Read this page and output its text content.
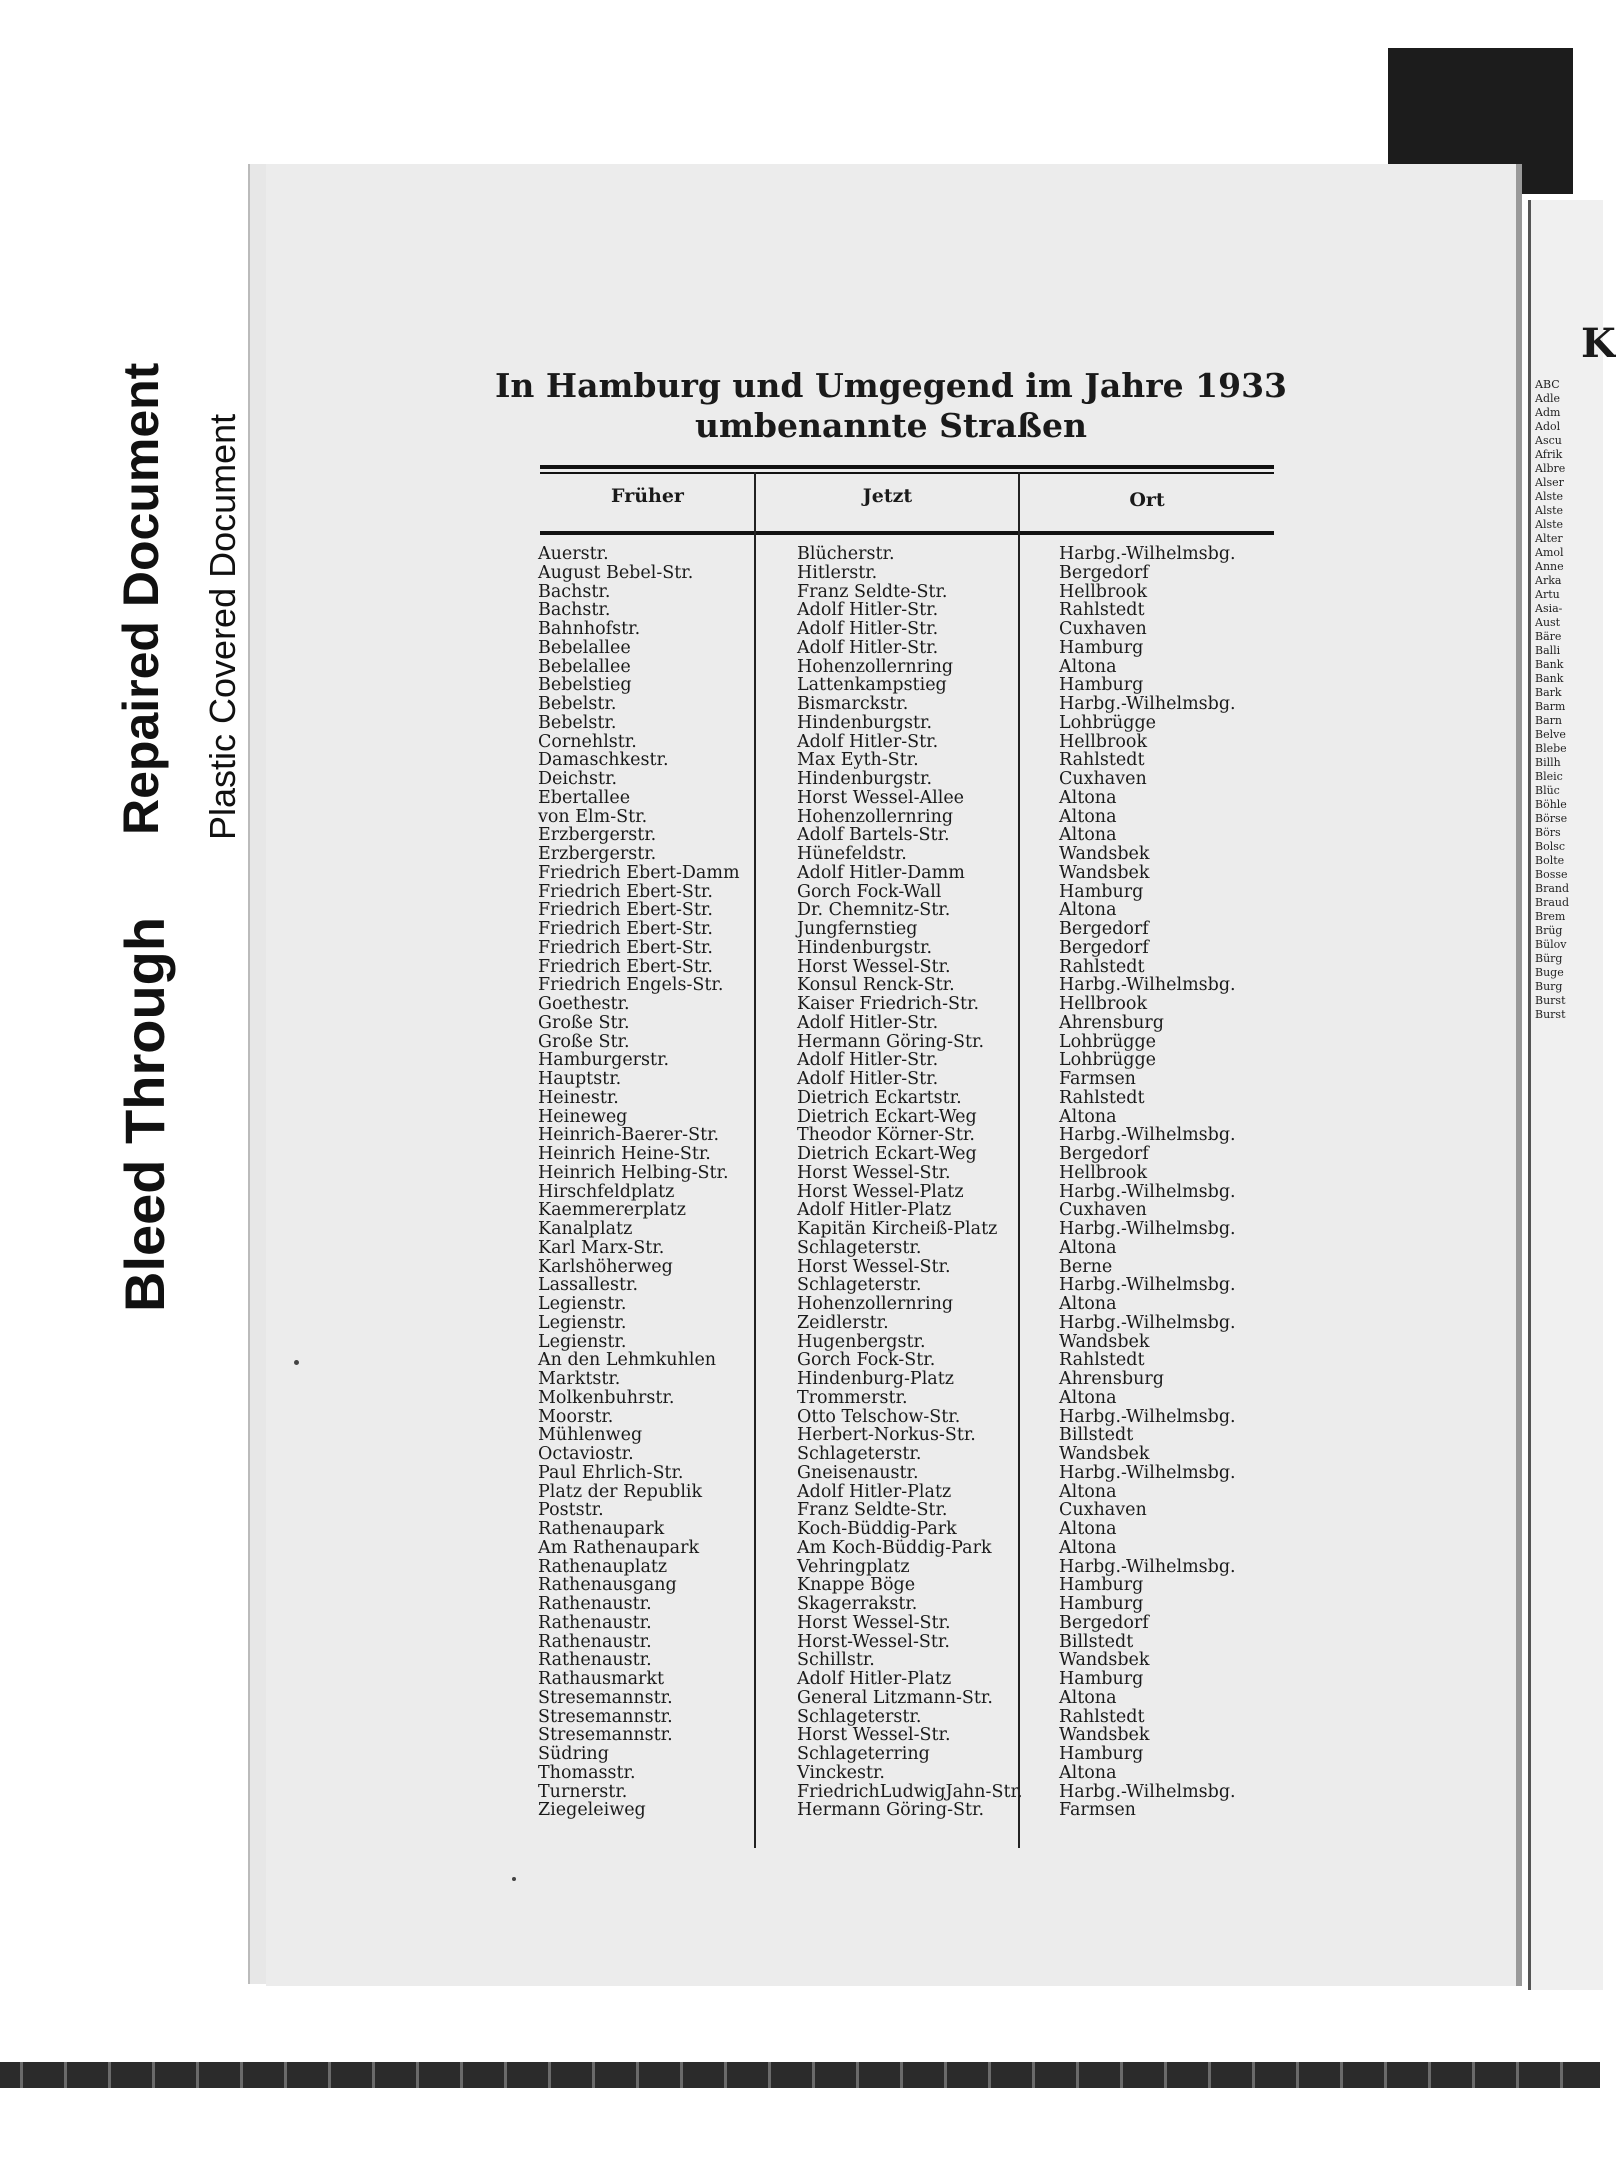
K
ABC
Adle
Adm
Adol
Ascu
Afrik
Albre
Alser
Alste
Alste
Alste
Alter
Amol
Anne
Arka
Artu
Asia-
Aust
Bäre
Balli
Bank
Bank
Bark
Barm
Barn
Belve
Blebe
Billh
Bleic
Blüc
Böhle
Börse
Börs
Bolsc
Bolte
Bosse
Brand
Braud
Brem
Brüg
Bülov
Bürg
Buge
Burg
Burst
Burst
Bleed Through
Repaired Document Plastic Covered Document
In Hamburg und Umgegend im Jahre 1933
umbenannte Straßen
Früher	Jetzt	Ort
Auerstr.	Blücherstr.	Harbg.-Wilhelmsbg.
August Bebel-Str.	Hitlerstr.	Bergedorf
Bachstr.	Franz Seldte-Str.	Hellbrook
Bachstr.	Adolf Hitler-Str.	Rahlstedt
Bahnhofstr.	Adolf Hitler-Str.	Cuxhaven
Bebelallee	Adolf Hitler-Str.	Hamburg
Bebelallee	Hohenzollernring	Altona
Bebelstieg	Lattenkampstieg	Hamburg
Bebelstr.	Bismarckstr.	Harbg.-Wilhelmsbg.
Bebelstr.	Hindenburgstr.	Lohbrügge
Cornehlstr.	Adolf Hitler-Str.	Hellbrook
Damaschkestr.	Max Eyth-Str.	Rahlstedt
Deichstr.	Hindenburgstr.	Cuxhaven
Ebertallee	Horst Wessel-Allee	Altona
von Elm-Str.	Hohenzollernring	Altona
Erzbergerstr.	Adolf Bartels-Str.	Altona
Erzbergerstr.	Hünefeldstr.	Wandsbek
Friedrich Ebert-Damm	Adolf Hitler-Damm	Wandsbek
Friedrich Ebert-Str.	Gorch Fock-Wall	Hamburg
Friedrich Ebert-Str.	Dr. Chemnitz-Str.	Altona
Friedrich Ebert-Str.	Jungfernstieg	Bergedorf
Friedrich Ebert-Str.	Hindenburgstr.	Bergedorf
Friedrich Ebert-Str.	Horst Wessel-Str.	Rahlstedt
Friedrich Engels-Str.	Konsul Renck-Str.	Harbg.-Wilhelmsbg.
Goethestr.	Kaiser Friedrich-Str.	Hellbrook
Große Str.	Adolf Hitler-Str.	Ahrensburg
Große Str.	Hermann Göring-Str.	Lohbrügge
Hamburgerstr.	Adolf Hitler-Str.	Lohbrügge
Hauptstr.	Adolf Hitler-Str.	Farmsen
Heinestr.	Dietrich Eckartstr.	Rahlstedt
Heineweg	Dietrich Eckart-Weg	Altona
Heinrich-Baerer-Str.	Theodor Körner-Str.	Harbg.-Wilhelmsbg.
Heinrich Heine-Str.	Dietrich Eckart-Weg	Bergedorf
Heinrich Helbing-Str.	Horst Wessel-Str.	Hellbrook
Hirschfeldplatz	Horst Wessel-Platz	Harbg.-Wilhelmsbg.
Kaemmererplatz	Adolf Hitler-Platz	Cuxhaven
Kanalplatz	Kapitän Kircheiß-Platz	Harbg.-Wilhelmsbg.
Karl Marx-Str.	Schlageterstr.	Altona
Karlshöherweg	Horst Wessel-Str.	Berne
Lassallestr.	Schlageterstr.	Harbg.-Wilhelmsbg.
Legienstr.	Hohenzollernring	Altona
Legienstr.	Zeidlerstr.	Harbg.-Wilhelmsbg.
Legienstr.	Hugenbergstr.	Wandsbek
An den Lehmkuhlen	Gorch Fock-Str.	Rahlstedt
Marktstr.	Hindenburg-Platz	Ahrensburg
Molkenbuhrstr.	Trommerstr.	Altona
Moorstr.	Otto Telschow-Str.	Harbg.-Wilhelmsbg.
Mühlenweg	Herbert-Norkus-Str.	Billstedt
Octaviostr.	Schlageterstr.	Wandsbek
Paul Ehrlich-Str.	Gneisenaustr.	Harbg.-Wilhelmsbg.
Platz der Republik	Adolf Hitler-Platz	Altona
Poststr.	Franz Seldte-Str.	Cuxhaven
Rathenaupark	Koch-Büddig-Park	Altona
Am Rathenaupark	Am Koch-Büddig-Park	Altona
Rathenauplatz	Vehringplatz	Harbg.-Wilhelmsbg.
Rathenausgang	Knappe Böge	Hamburg
Rathenaustr.	Skagerrakstr.	Hamburg
Rathenaustr.	Horst Wessel-Str.	Bergedorf
Rathenaustr.	Horst-Wessel-Str.	Billstedt
Rathenaustr.	Schillstr.	Wandsbek
Rathausmarkt	Adolf Hitler-Platz	Hamburg
Stresemannstr.	General Litzmann-Str.	Altona
Stresemannstr.	Schlageterstr.	Rahlstedt
Stresemannstr.	Horst Wessel-Str.	Wandsbek
Südring	Schlageterring	Hamburg
Thomasstr.	Vinckestr.	Altona
Turnerstr.	FriedrichLudwigJahn-Str. Harbg.-Wilhelmsbg.
Ziegeleiweg	Hermann Göring-Str.	Farmsen
